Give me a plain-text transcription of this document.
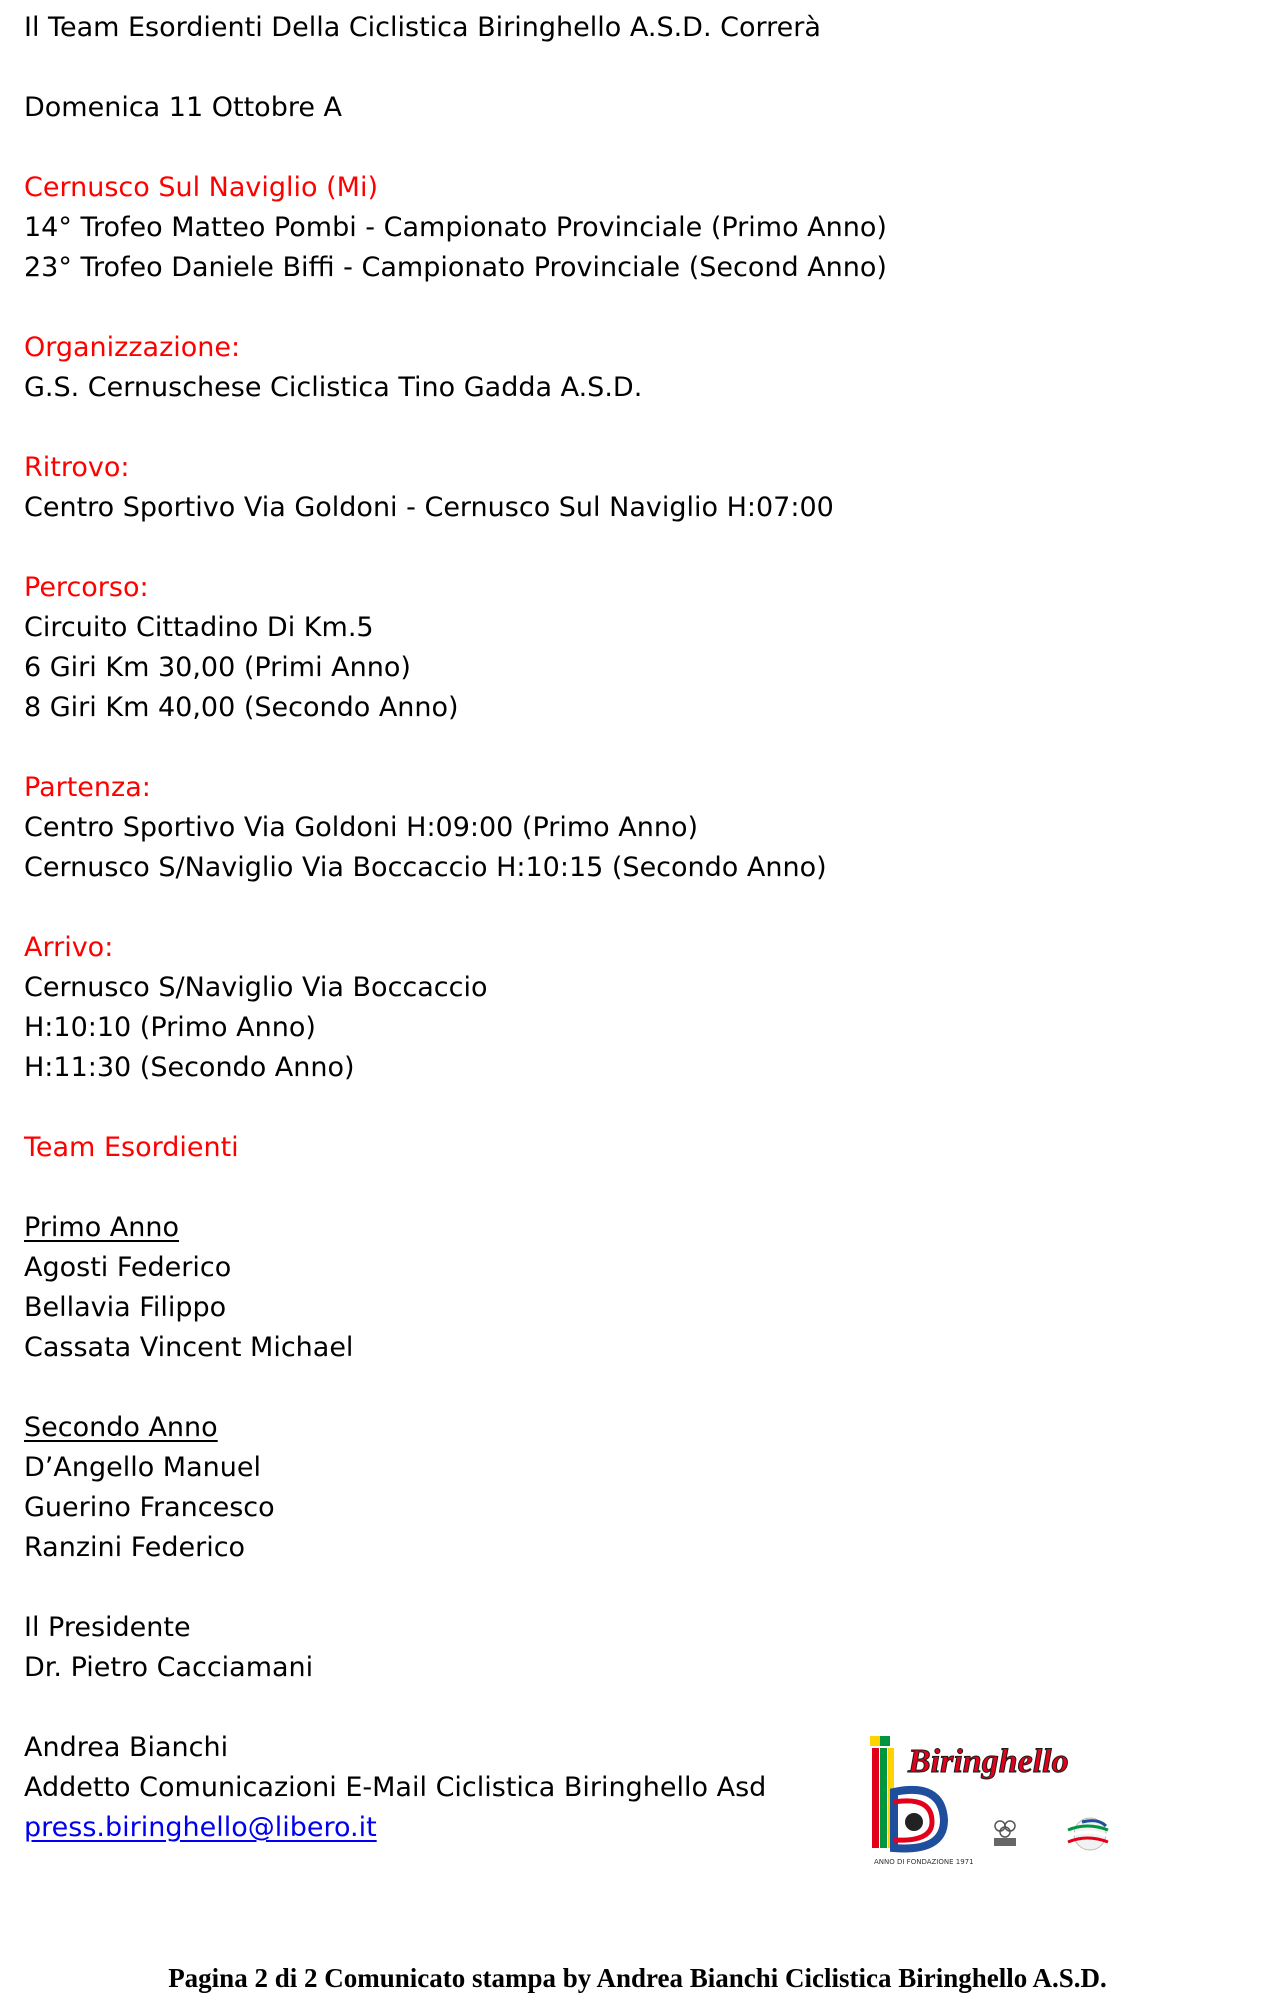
Il Team Esordienti Della Ciclistica Biringhello A.S.D. Correrà
Domenica 11 Ottobre A
Cernusco Sul Naviglio (Mi)
14° Trofeo Matteo Pombi - Campionato Provinciale (Primo Anno)
23° Trofeo Daniele Biffi - Campionato Provinciale (Second Anno)
Organizzazione:
G.S. Cernuschese Ciclistica Tino Gadda A.S.D.
Ritrovo:
Centro Sportivo Via Goldoni - Cernusco Sul Naviglio H:07:00
Percorso:
Circuito Cittadino Di Km.5
6 Giri Km 30,00 (Primi Anno)
8 Giri Km 40,00 (Secondo Anno)
Partenza:
Centro Sportivo Via Goldoni H:09:00 (Primo Anno)
Cernusco S/Naviglio Via Boccaccio H:10:15 (Secondo Anno)
Arrivo:
Cernusco S/Naviglio Via Boccaccio
H:10:10 (Primo Anno)
H:11:30 (Secondo Anno)
Team Esordienti
Primo Anno
Agosti Federico
Bellavia Filippo
Cassata Vincent Michael
Secondo Anno
D’Angello Manuel
Guerino Francesco
Ranzini Federico
Il Presidente
Dr. Pietro Cacciamani
Andrea Bianchi
Addetto Comunicazioni E-Mail Ciclistica Biringhello Asd
press.biringhello@libero.it
Biringhello
ANNO DI FONDAZIONE 1971
Pagina 2 di 2 Comunicato stampa by Andrea Bianchi Ciclistica Biringhello A.S.D.
